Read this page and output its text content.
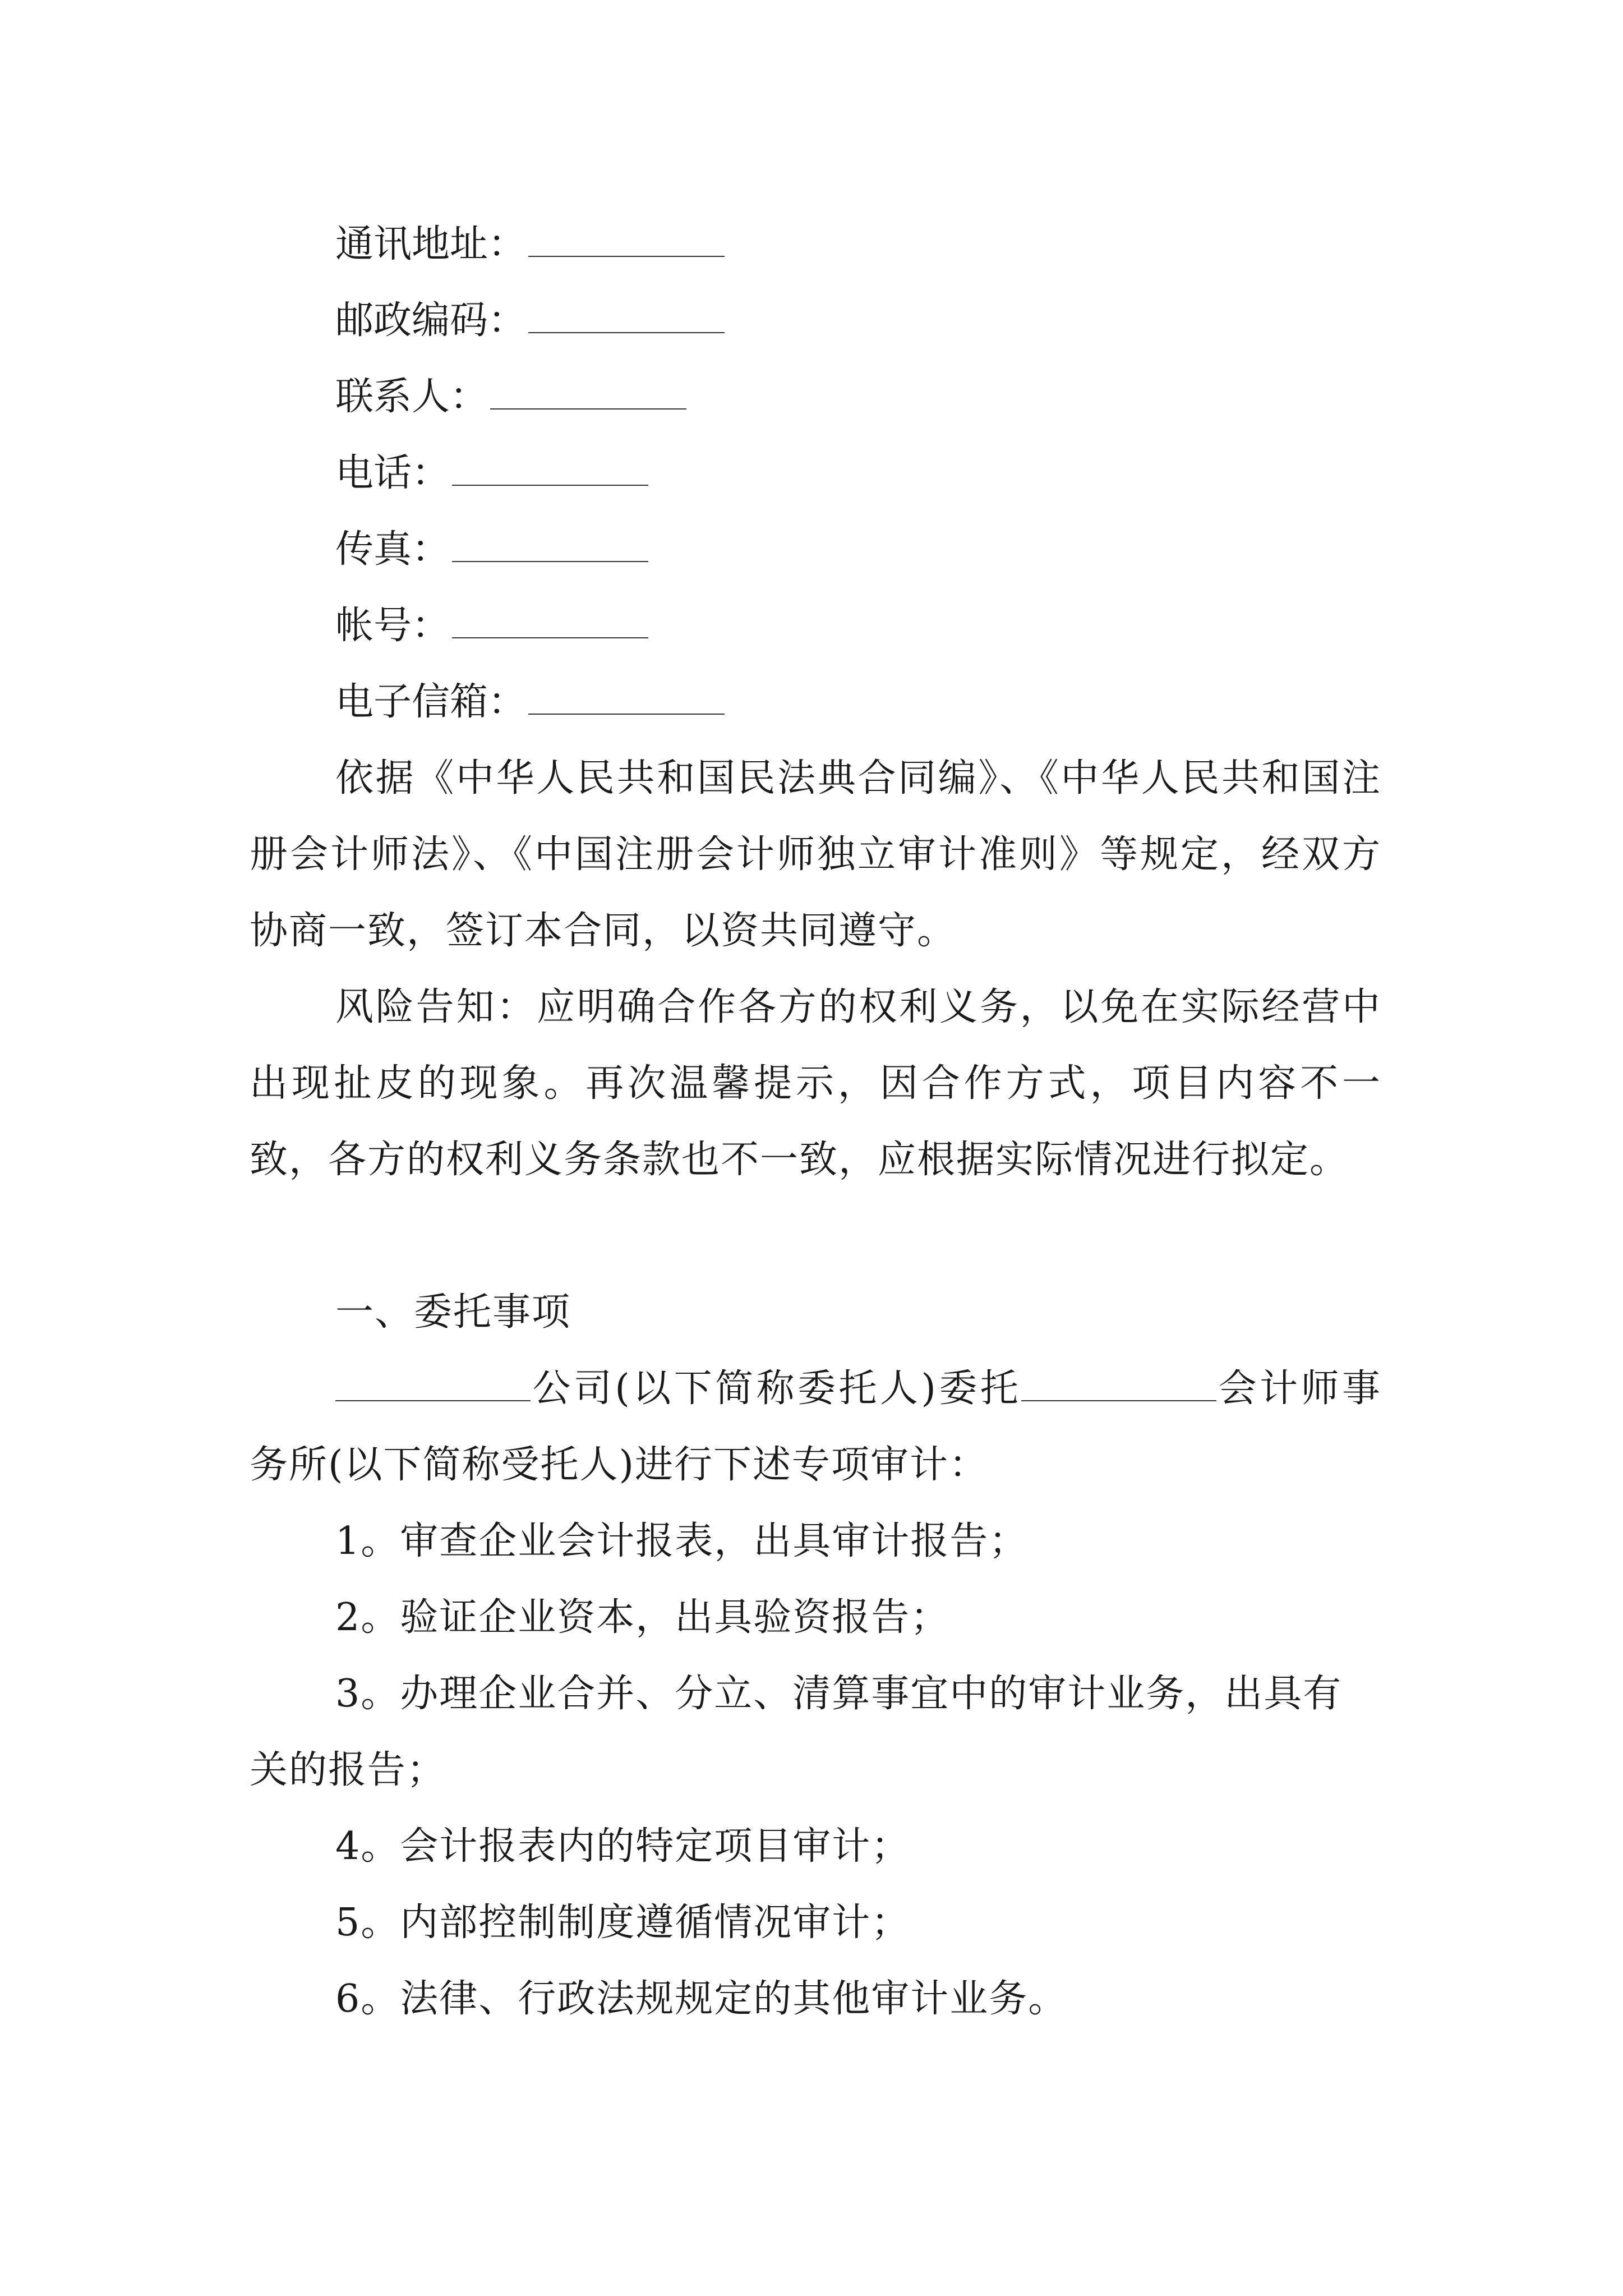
通讯地址：
邮政编码：
联系人：
电话：
传真：
帐号：
电子信箱：

依据《中华人民共和国民法典合同编》、《中华人民共和国注册会计师法》、《中国注册会计师独立审计准则》等规定，经双方协商一致，签订本合同，以资共同遵守。

风险告知：应明确合作各方的权利义务，以免在实际经营中出现扯皮的现象。再次温馨提示，因合作方式，项目内容不一致，各方的权利义务条款也不一致，应根据实际情况进行拟定。

一、委托事项

公司(以下简称委托人)委托	会计师事务所(以下简称受托人)进行下述专项审计：

1。审查企业会计报表，出具审计报告；

2。验证企业资本，出具验资报告；

3。办理企业合并、分立、清算事宜中的审计业务，出具有关的报告；

4。会计报表内的特定项目审计；

5。内部控制制度遵循情况审计；

6。法律、行政法规规定的其他审计业务。
